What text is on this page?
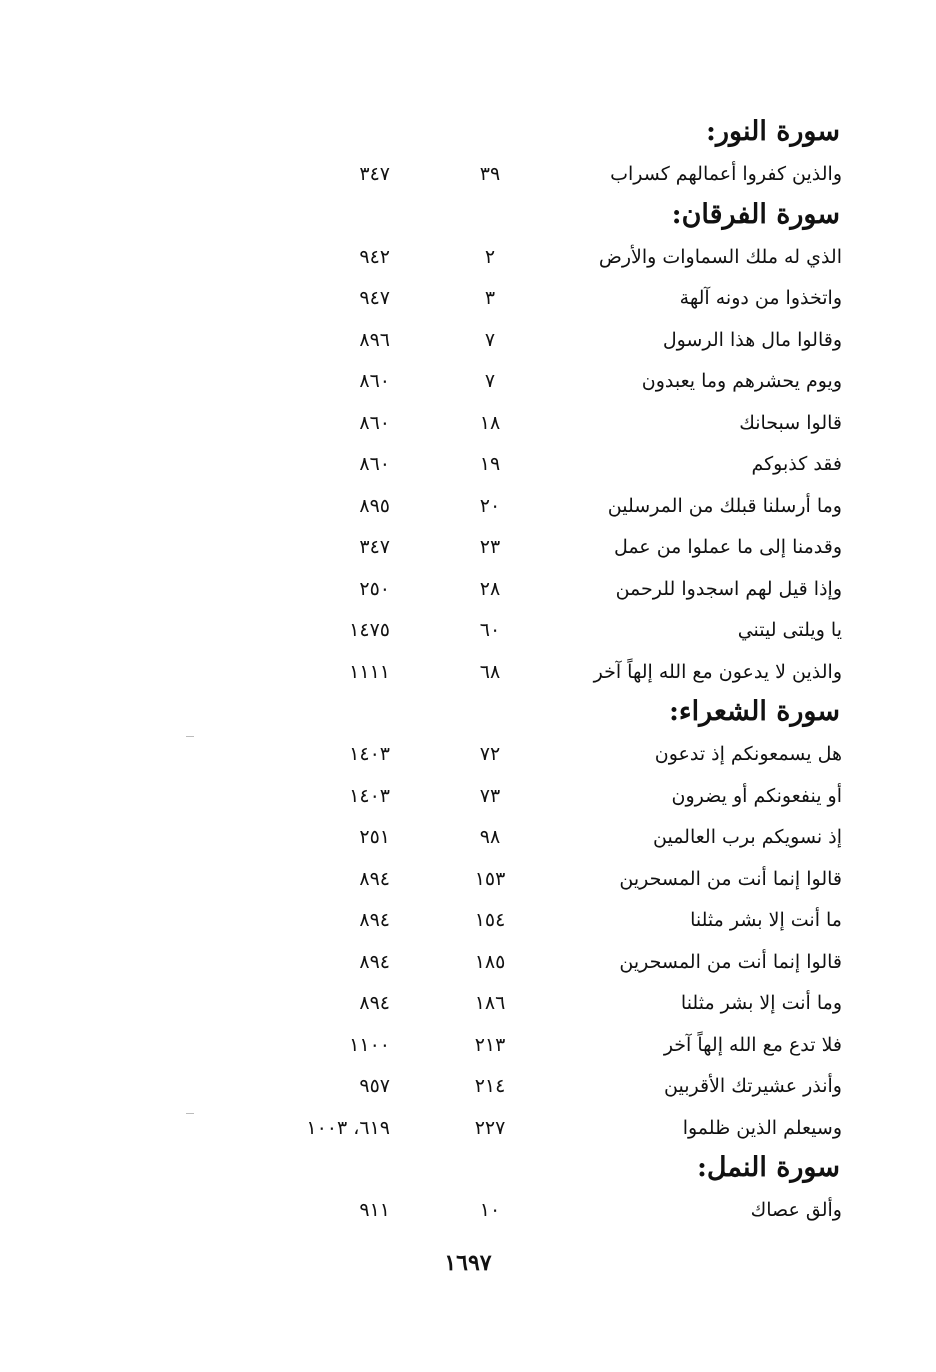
سورة النور:
والذين كفروا أعمالهم كسراب
٣٩
٣٤٧
سورة الفرقان:
الذي له ملك السماوات والأرض
٢
٩٤٢
واتخذوا من دونه آلهة
٣
٩٤٧
وقالوا مال هذا الرسول
٧
٨٩٦
ويوم يحشرهم وما يعبدون
٧
٨٦٠
قالوا سبحانك
١٨
٨٦٠
فقد كذبوكم
١٩
٨٦٠
وما أرسلنا قبلك من المرسلين
٢٠
٨٩٥
وقدمنا إلى ما عملوا من عمل
٢٣
٣٤٧
وإذا قيل لهم اسجدوا للرحمن
٢٨
٢٥٠
يا ويلتى ليتني
٦٠
١٤٧٥
والذين لا يدعون مع الله إلهاً آخر
٦٨
١١١١
سورة الشعراء:
هل يسمعونكم إذ تدعون
٧٢
١٤٠٣
أو ينفعونكم أو يضرون
٧٣
١٤٠٣
إذ نسويكم برب العالمين
٩٨
٢٥١
قالوا إنما أنت من المسحرين
١٥٣
٨٩٤
ما أنت إلا بشر مثلنا
١٥٤
٨٩٤
قالوا إنما أنت من المسحرين
١٨٥
٨٩٤
وما أنت إلا بشر مثلنا
١٨٦
٨٩٤
فلا تدع مع الله إلهاً آخر
٢١٣
١١٠٠
وأنذر عشيرتك الأقربين
٢١٤
٩٥٧
وسيعلم الذين ظلموا
٢٢٧
٦١٩، ١٠٠٣
سورة النمل:
وألق عصاك
١٠
٩١١
١٦٩٧
